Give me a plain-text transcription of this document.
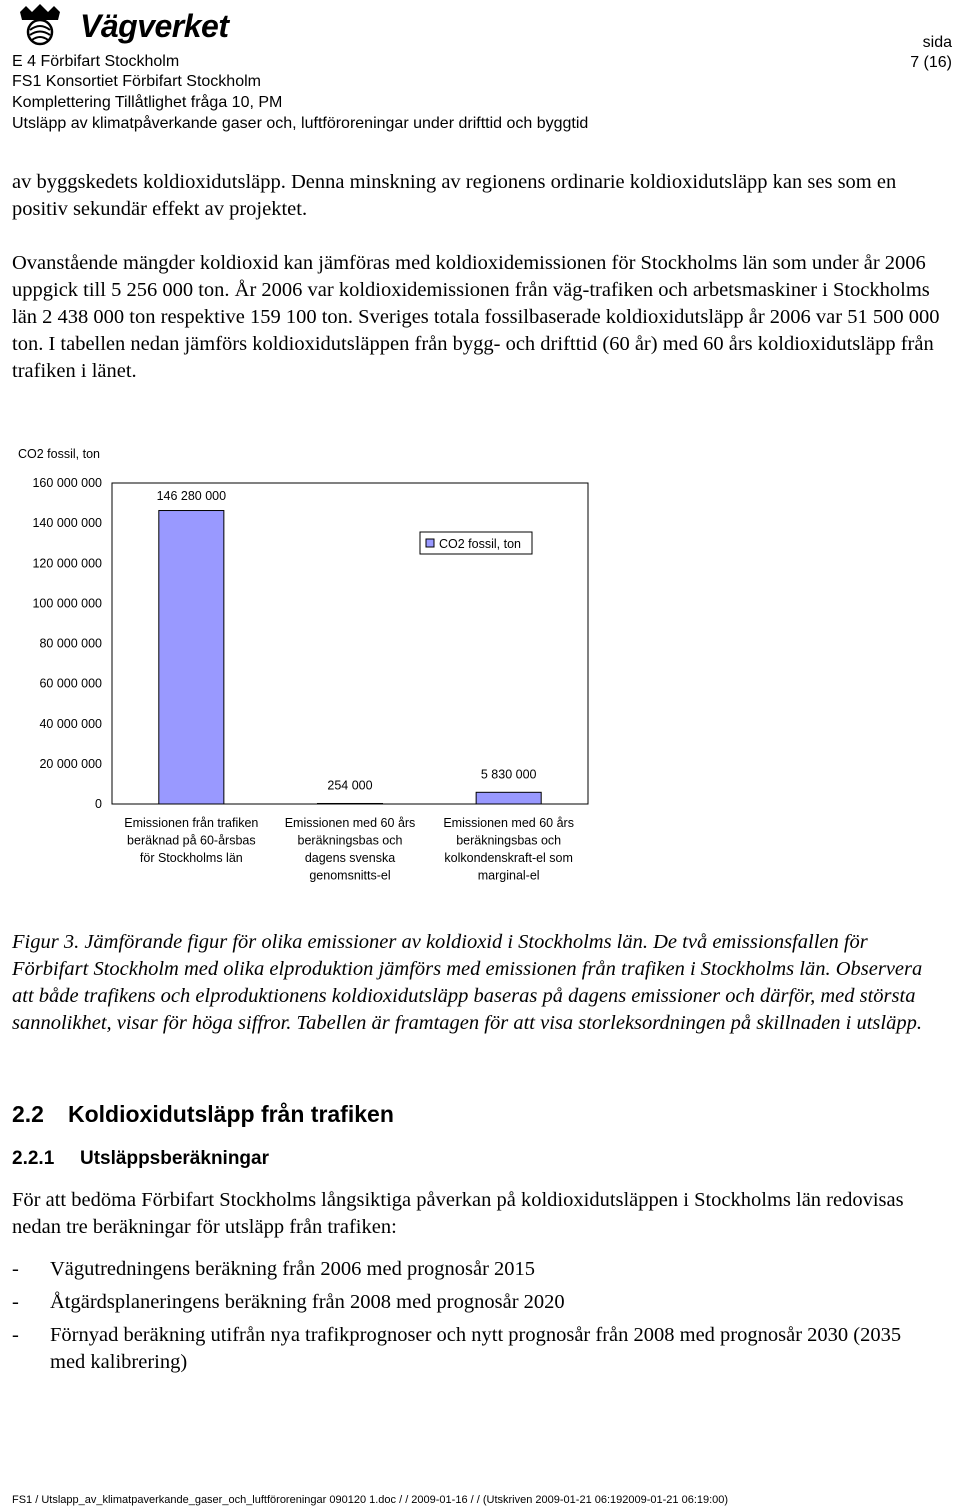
Vägverket
E 4 Förbifart Stockholm
FS1 Konsortiet Förbifart Stockholm
Komplettering Tillåtlighet fråga 10, PM
Utsläpp av klimatpåverkande gaser och, luftföroreningar under drifttid och byggtid
sida
7 (16)
av byggskedets koldioxidutsläpp. Denna minskning av regionens ordinarie koldioxidutsläpp kan ses som en positiv sekundär effekt av projektet.
Ovanstående mängder koldioxid kan jämföras med koldioxidemissionen för Stockholms län som under år 2006 uppgick till 5 256 000 ton. År 2006 var koldioxidemissionen från väg-trafiken och arbetsmaskiner i Stockholms län 2 438 000 ton respektive 159 100 ton. Sveriges totala fossilbaserade koldioxidutsläpp år 2006 var 51 500 000 ton. I tabellen nedan jämförs koldioxidutsläppen från bygg- och drifttid (60 år) med 60 års koldioxidutsläpp från trafiken i länet.
CO2 fossil, ton
0
20 000 000
40 000 000
60 000 000
80 000 000
100 000 000
120 000 000
140 000 000
160 000 000
146 280 000
254 000
5 830 000
Emissionen från trafiken
beräknad på 60-årsbas
för Stockholms län
Emissionen med 60 års
beräkningsbas och
dagens svenska
genomsnitts-el
Emissionen med 60 års
beräkningsbas och
kolkondenskraft-el som
marginal-el
CO2 fossil, ton
Figur 3. Jämförande figur för olika emissioner av koldioxid i Stockholms län. De två emissionsfallen för Förbifart Stockholm med olika elproduktion jämförs med emissionen från trafiken i Stockholms län. Observera att både trafikens och elproduktionens koldioxidutsläpp baseras på dagens emissioner och därför, med största sannolikhet, visar för höga siffror. Tabellen är framtagen för att visa storleksordningen på skillnaden i utsläpp.
2.2 Koldioxidutsläpp från trafiken
2.2.1 Utsläppsberäkningar
För att bedöma Förbifart Stockholms långsiktiga påverkan på koldioxidutsläppen i Stockholms län redovisas nedan tre beräkningar för utsläpp från trafiken:
- Vägutredningens beräkning från 2006 med prognosår 2015
- Åtgärdsplaneringens beräkning från 2008 med prognosår 2020
- Förnyad beräkning utifrån nya trafikprognoser och nytt prognosår från 2008 med prognosår 2030 (2035 med kalibrering)
FS1 / Utslapp_av_klimatpaverkande_gaser_och_luftföroreningar 090120 1.doc / / 2009-01-16 / / (Utskriven 2009-01-21 06:192009-01-21 06:19:00)
